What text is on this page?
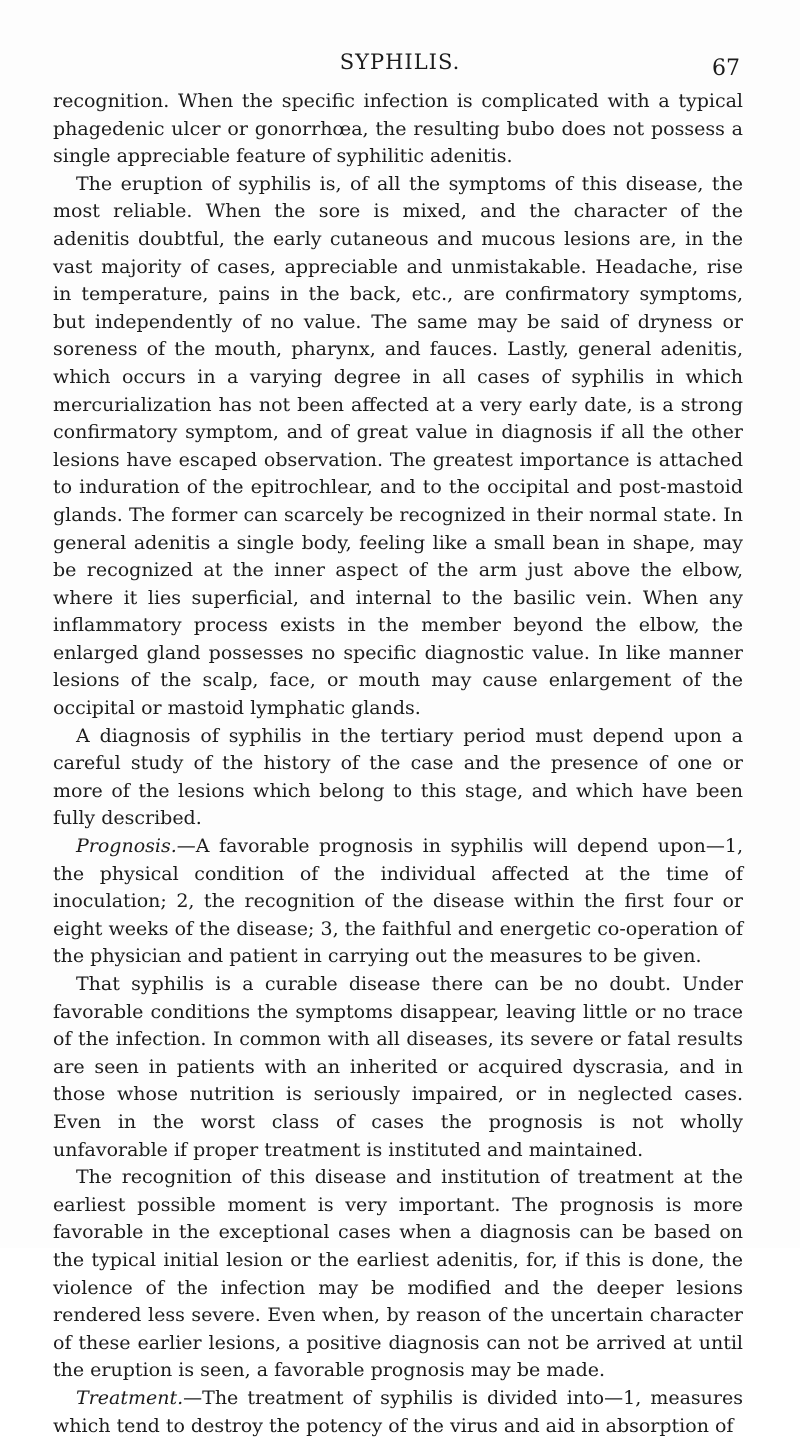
SYPHILIS.	67

recognition. When the specific infection is complicated with a typical phagedenic ulcer or gonorrhœa, the resulting bubo does not possess a single appreciable feature of syphilitic adenitis.

The eruption of syphilis is, of all the symptoms of this disease, the most reliable. When the sore is mixed, and the character of the adenitis doubtful, the early cutaneous and mucous lesions are, in the vast majority of cases, appreciable and unmistakable. Headache, rise in temperature, pains in the back, etc., are confirmatory symptoms, but independently of no value. The same may be said of dryness or soreness of the mouth, pharynx, and fauces. Lastly, general adenitis, which occurs in a varying degree in all cases of syphilis in which mercurialization has not been affected at a very early date, is a strong confirmatory symptom, and of great value in diagnosis if all the other lesions have escaped observation. The greatest importance is attached to induration of the epitrochlear, and to the occipital and post-mastoid glands. The former can scarcely be recognized in their normal state. In general adenitis a single body, feeling like a small bean in shape, may be recognized at the inner aspect of the arm just above the elbow, where it lies superficial, and internal to the basilic vein. When any inflammatory process exists in the member beyond the elbow, the enlarged gland possesses no specific diagnostic value. In like manner lesions of the scalp, face, or mouth may cause enlargement of the occipital or mastoid lymphatic glands.

A diagnosis of syphilis in the tertiary period must depend upon a careful study of the history of the case and the presence of one or more of the lesions which belong to this stage, and which have been fully described.

Prognosis.—A favorable prognosis in syphilis will depend upon—1, the physical condition of the individual affected at the time of inoculation; 2, the recognition of the disease within the first four or eight weeks of the disease; 3, the faithful and energetic co-operation of the physician and patient in carrying out the measures to be given.

That syphilis is a curable disease there can be no doubt. Under favorable conditions the symptoms disappear, leaving little or no trace of the infection. In common with all diseases, its severe or fatal results are seen in patients with an inherited or acquired dyscrasia, and in those whose nutrition is seriously impaired, or in neglected cases. Even in the worst class of cases the prognosis is not wholly unfavorable if proper treatment is instituted and maintained.

The recognition of this disease and institution of treatment at the earliest possible moment is very important. The prognosis is more favorable in the exceptional cases when a diagnosis can be based on the typical initial lesion or the earliest adenitis, for, if this is done, the violence of the infection may be modified and the deeper lesions rendered less severe. Even when, by reason of the uncertain character of these earlier lesions, a positive diagnosis can not be arrived at until the eruption is seen, a favorable prognosis may be made.

Treatment.—The treatment of syphilis is divided into—1, measures which tend to destroy the potency of the virus and aid in absorption of
